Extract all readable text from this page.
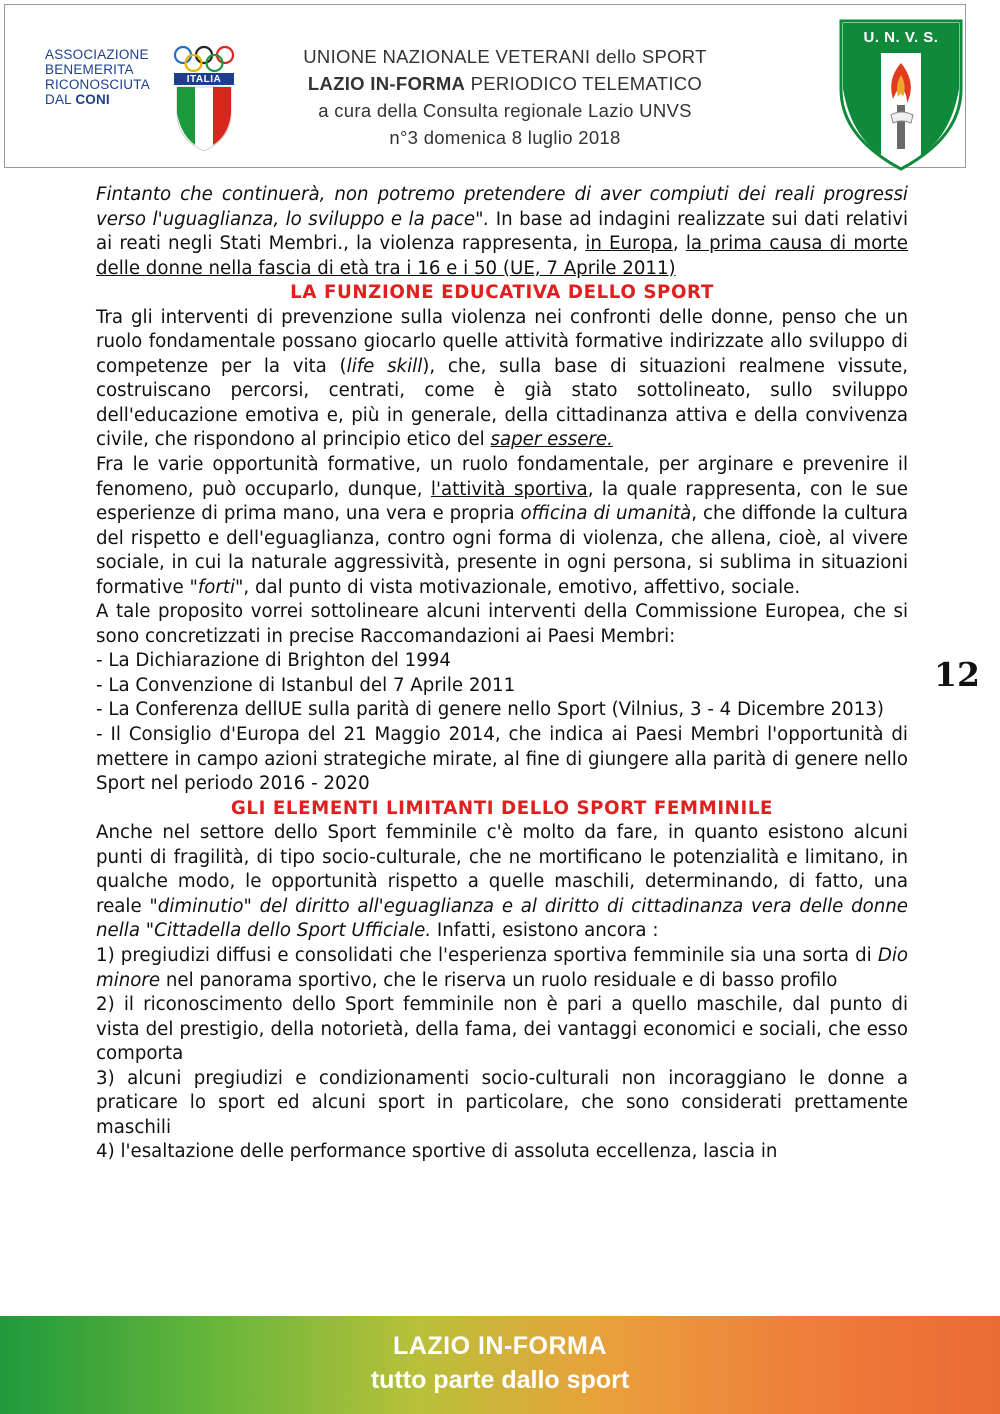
ASSOCIAZIONE
BENEMERITA
RICONOSCIUTA
DAL CONI
ITALIA
UNIONE NAZIONALE VETERANI dello SPORT
LAZIO IN-FORMA PERIODICO TELEMATICO
a cura della Consulta regionale Lazio UNVS
n°3 domenica 8 luglio 2018
U. N. V. S.

Fintanto che continuerà, non potremo pretendere di aver compiuti dei reali progressi verso l'uguaglianza, lo sviluppo e la pace". In base ad indagini realizzate sui dati relativi ai reati negli Stati Membri., la violenza rappresenta, in Europa, la prima causa di morte delle donne nella fascia di età tra i 16 e i 50 (UE, 7 Aprile 2011)

LA FUNZIONE EDUCATIVA DELLO SPORT

Tra gli interventi di prevenzione sulla violenza nei confronti delle donne, penso che un ruolo fondamentale possano giocarlo quelle attività formative indirizzate allo sviluppo di competenze per la vita (life skill), che, sulla base di situazioni realmene vissute, costruiscano percorsi, centrati, come è già stato sottolineato, sullo sviluppo dell'educazione emotiva e, più in generale, della cittadinanza attiva e della convivenza civile, che rispondono al principio etico del saper essere.

Fra le varie opportunità formative, un ruolo fondamentale, per arginare e prevenire il fenomeno, può occuparlo, dunque, l'attività sportiva, la quale rappresenta, con le sue esperienze di prima mano, una vera e propria officina di umanità, che diffonde la cultura del rispetto e dell'eguaglianza, contro ogni forma di violenza, che allena, cioè, al vivere sociale, in cui la naturale aggressività, presente in ogni persona, si sublima in situazioni formative "forti", dal punto di vista motivazionale, emotivo, affettivo, sociale.

A tale proposito vorrei sottolineare alcuni interventi della Commissione Europea, che si sono concretizzati in precise Raccomandazioni ai Paesi Membri:

- La Dichiarazione di Brighton del 1994

- La Convenzione di Istanbul del 7 Aprile 2011

- La Conferenza dellUE sulla parità di genere nello Sport (Vilnius, 3 - 4 Dicembre 2013)

- Il Consiglio d'Europa del 21 Maggio 2014, che indica ai Paesi Membri l'opportunità di mettere in campo azioni strategiche mirate, al fine di giungere alla parità di genere nello Sport nel periodo 2016 - 2020

GLI ELEMENTI LIMITANTI DELLO SPORT FEMMINILE

Anche nel settore dello Sport femminile c'è molto da fare, in quanto esistono alcuni punti di fragilità, di tipo socio-culturale, che ne mortificano le potenzialità e limitano, in qualche modo, le opportunità rispetto a quelle maschili, determinando, di fatto, una reale "diminutio" del diritto all'eguaglianza e al diritto di cittadinanza vera delle donne nella "Cittadella dello Sport Ufficiale. Infatti, esistono ancora :

1) pregiudizi diffusi e consolidati che l'esperienza sportiva femminile sia una sorta di Dio minore nel panorama sportivo, che le riserva un ruolo residuale e di basso profilo

2) il riconoscimento dello Sport femminile non è pari a quello maschile, dal punto di vista del prestigio, della notorietà, della fama, dei vantaggi economici e sociali, che esso comporta

3) alcuni pregiudizi e condizionamenti socio-culturali non incoraggiano le donne a praticare lo sport ed alcuni sport in particolare, che sono considerati prettamente maschili

4) l'esaltazione delle performance sportive di assoluta eccellenza, lascia in

12
LAZIO IN-FORMA
tutto parte dallo sport
